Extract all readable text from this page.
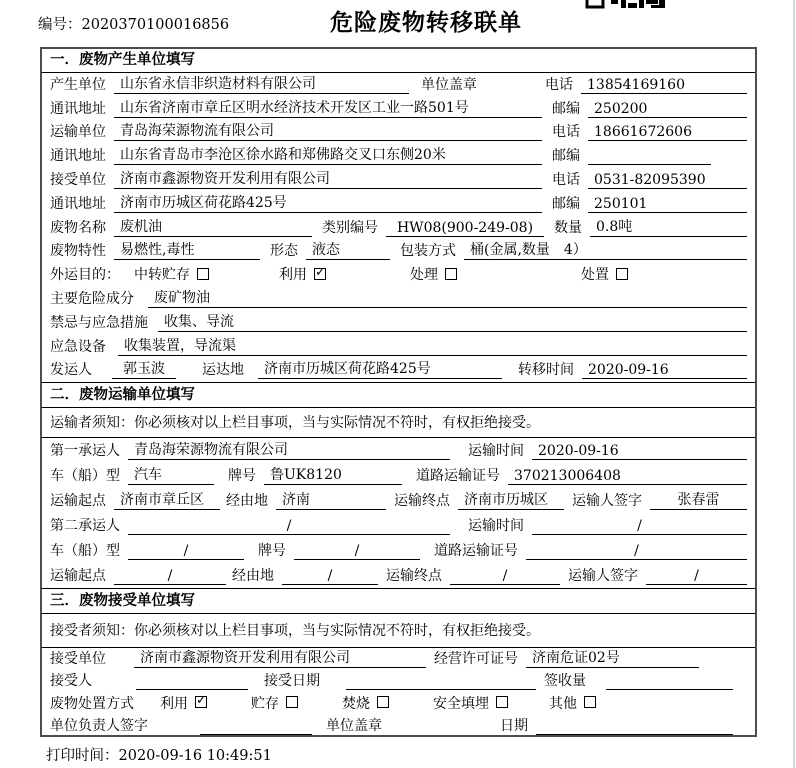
编号：2020370100016856	危险废物转移联单
一．废物产生单位填写
产生单位	山东省永信非织造材料有限公司	单位盖章	电话	13854169160
通讯地址	山东省济南市章丘区明水经济技术开发区工业一路501号	邮编	250200
运输单位	青岛海荣源物流有限公司	电话	18661672606
通讯地址	山东省青岛市李沧区徐水路和郑佛路交叉口东侧20米	邮编
接受单位	济南市鑫源物资开发利用有限公司	电话	0531-82095390
通讯地址	济南市历城区荷花路425号	邮编	250101
废物名称	废机油	类别编号	HW08(900-249-08)	数量	0.8吨
废物特性	易燃性,毒性	形态	液态	包装方式	桶(金属,数量　4）
外运目的： 中转贮存	利用 ✓	处理	处置
主要危险成分	废矿物油
禁忌与应急措施	收集、导流
应急设备	收集装置，导流渠
发运人	郭玉波	运达地	济南市历城区荷花路425号	转移时间	2020-09-16
二．废物运输单位填写
运输者须知：你必须核对以上栏目事项，当与实际情况不符时，有权拒绝接受。
第一承运人	青岛海荣源物流有限公司	运输时间	2020-09-16
车（船）型	汽车	牌号	鲁UK8120	道路运输证号	370213006408
运输起点	济南市章丘区	经由地	济南	运输终点	济南市历城区	运输人签字	张春雷
第二承运人	/	运输时间	/
车（船）型	/	牌号	/	道路运输证号	/
运输起点	/	经由地	/	运输终点	/	运输人签字	/
三．废物接受单位填写
接受者须知：你必须核对以上栏目事项，当与实际情况不符时，有权拒绝接受。
接受单位	济南市鑫源物资开发利用有限公司	经营许可证号	济南危证02号
接受人	接受日期	签收量
废物处置方式 利用 ✓	贮存	焚烧	安全填埋	其他
单位负责人签字	单位盖章	日期
打印时间：2020-09-16 10:49:51
